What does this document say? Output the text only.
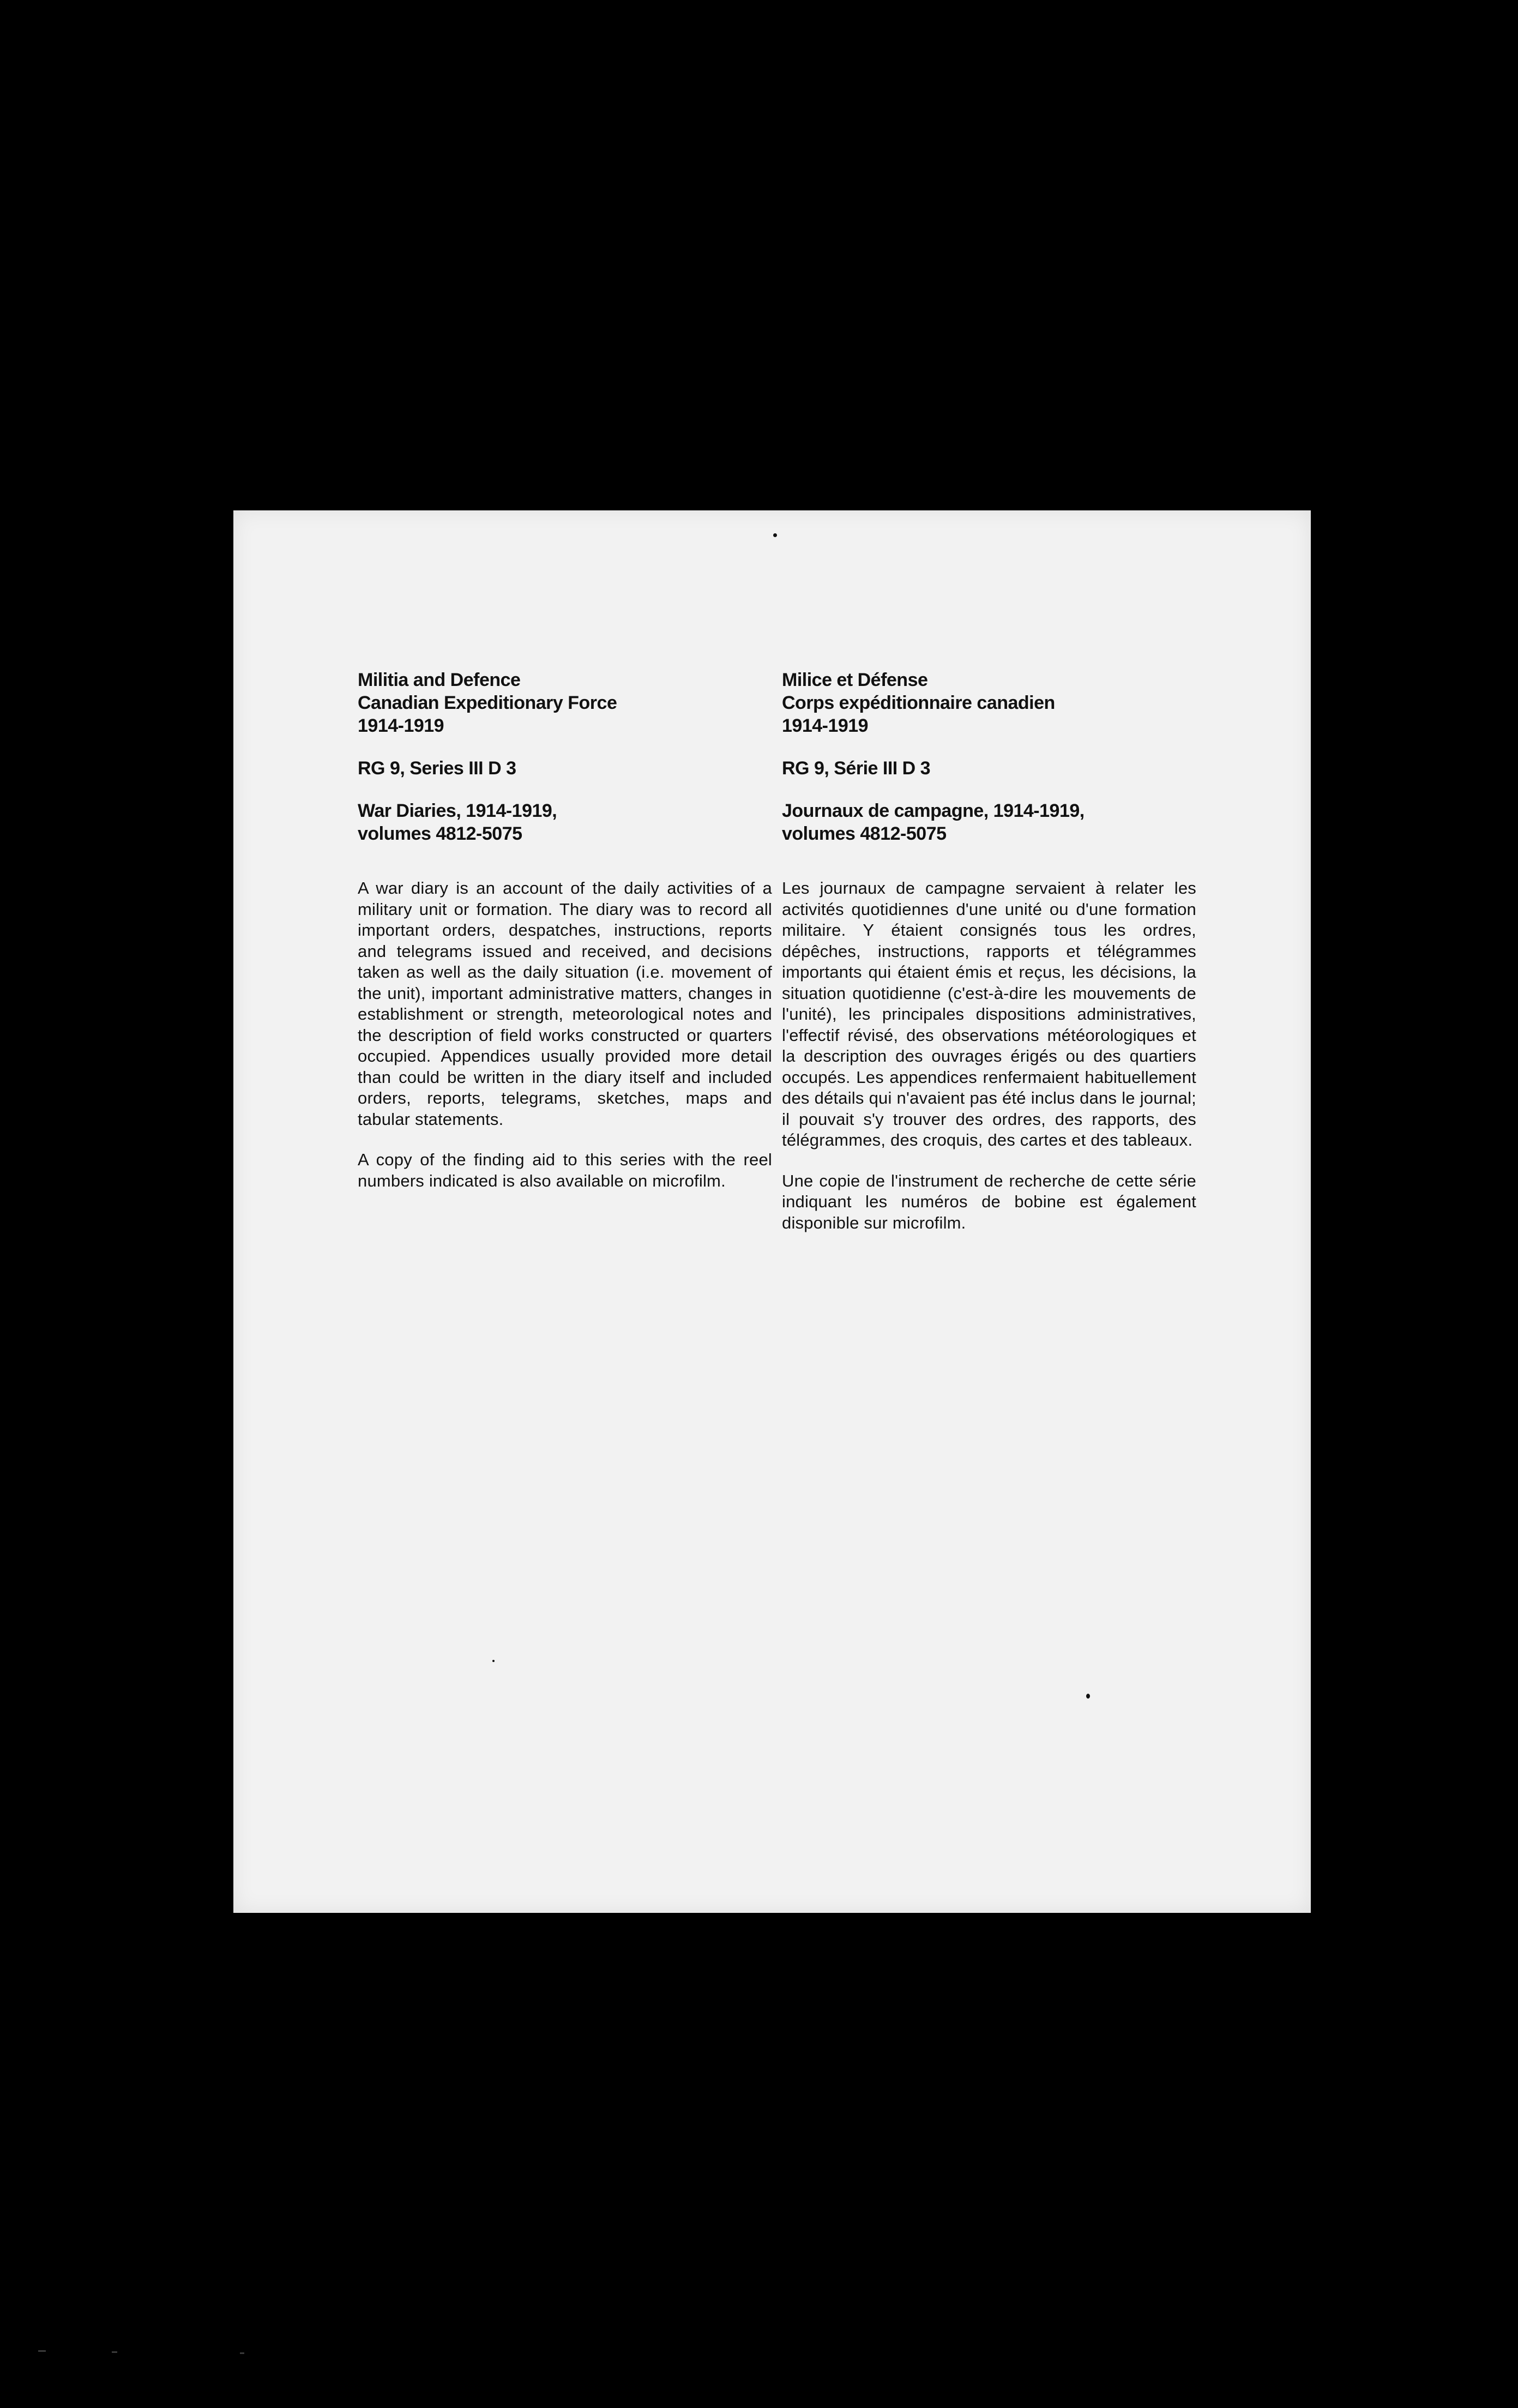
Militia and Defence
Canadian Expeditionary Force
1914-1919
RG 9, Series III D 3
War Diaries, 1914-1919,
volumes 4812-5075

A war diary is an account of the daily activities of a military unit or formation. The diary was to record all important orders, despatches, instructions, reports and telegrams issued and received, and decisions taken as well as the daily situation (i.e. movement of the unit), important administrative matters, changes in establishment or strength, meteorological notes and the description of field works constructed or quarters occupied. Appendices usually provided more detail than could be written in the diary itself and included orders, reports, telegrams, sketches, maps and tabular statements.

A copy of the finding aid to this series with the reel numbers indicated is also available on microfilm.

Milice et Défense
Corps expéditionnaire canadien
1914-1919
RG 9, Série III D 3
Journaux de campagne, 1914-1919,
volumes 4812-5075

Les journaux de campagne servaient à relater les activités quotidiennes d'une unité ou d'une formation militaire. Y étaient consignés tous les ordres, dépêches, instructions, rapports et télégrammes importants qui étaient émis et reçus, les décisions, la situation quotidienne (c'est-à-dire les mouvements de l'unité), les principales dispositions administratives, l'effectif révisé, des observations météorologiques et la description des ouvrages érigés ou des quartiers occupés. Les appendices renfermaient habituellement des détails qui n'avaient pas été inclus dans le journal; il pouvait s'y trouver des ordres, des rapports, des télégrammes, des croquis, des cartes et des tableaux.

Une copie de l'instrument de recherche de cette série indiquant les numéros de bobine est également disponible sur microfilm.
